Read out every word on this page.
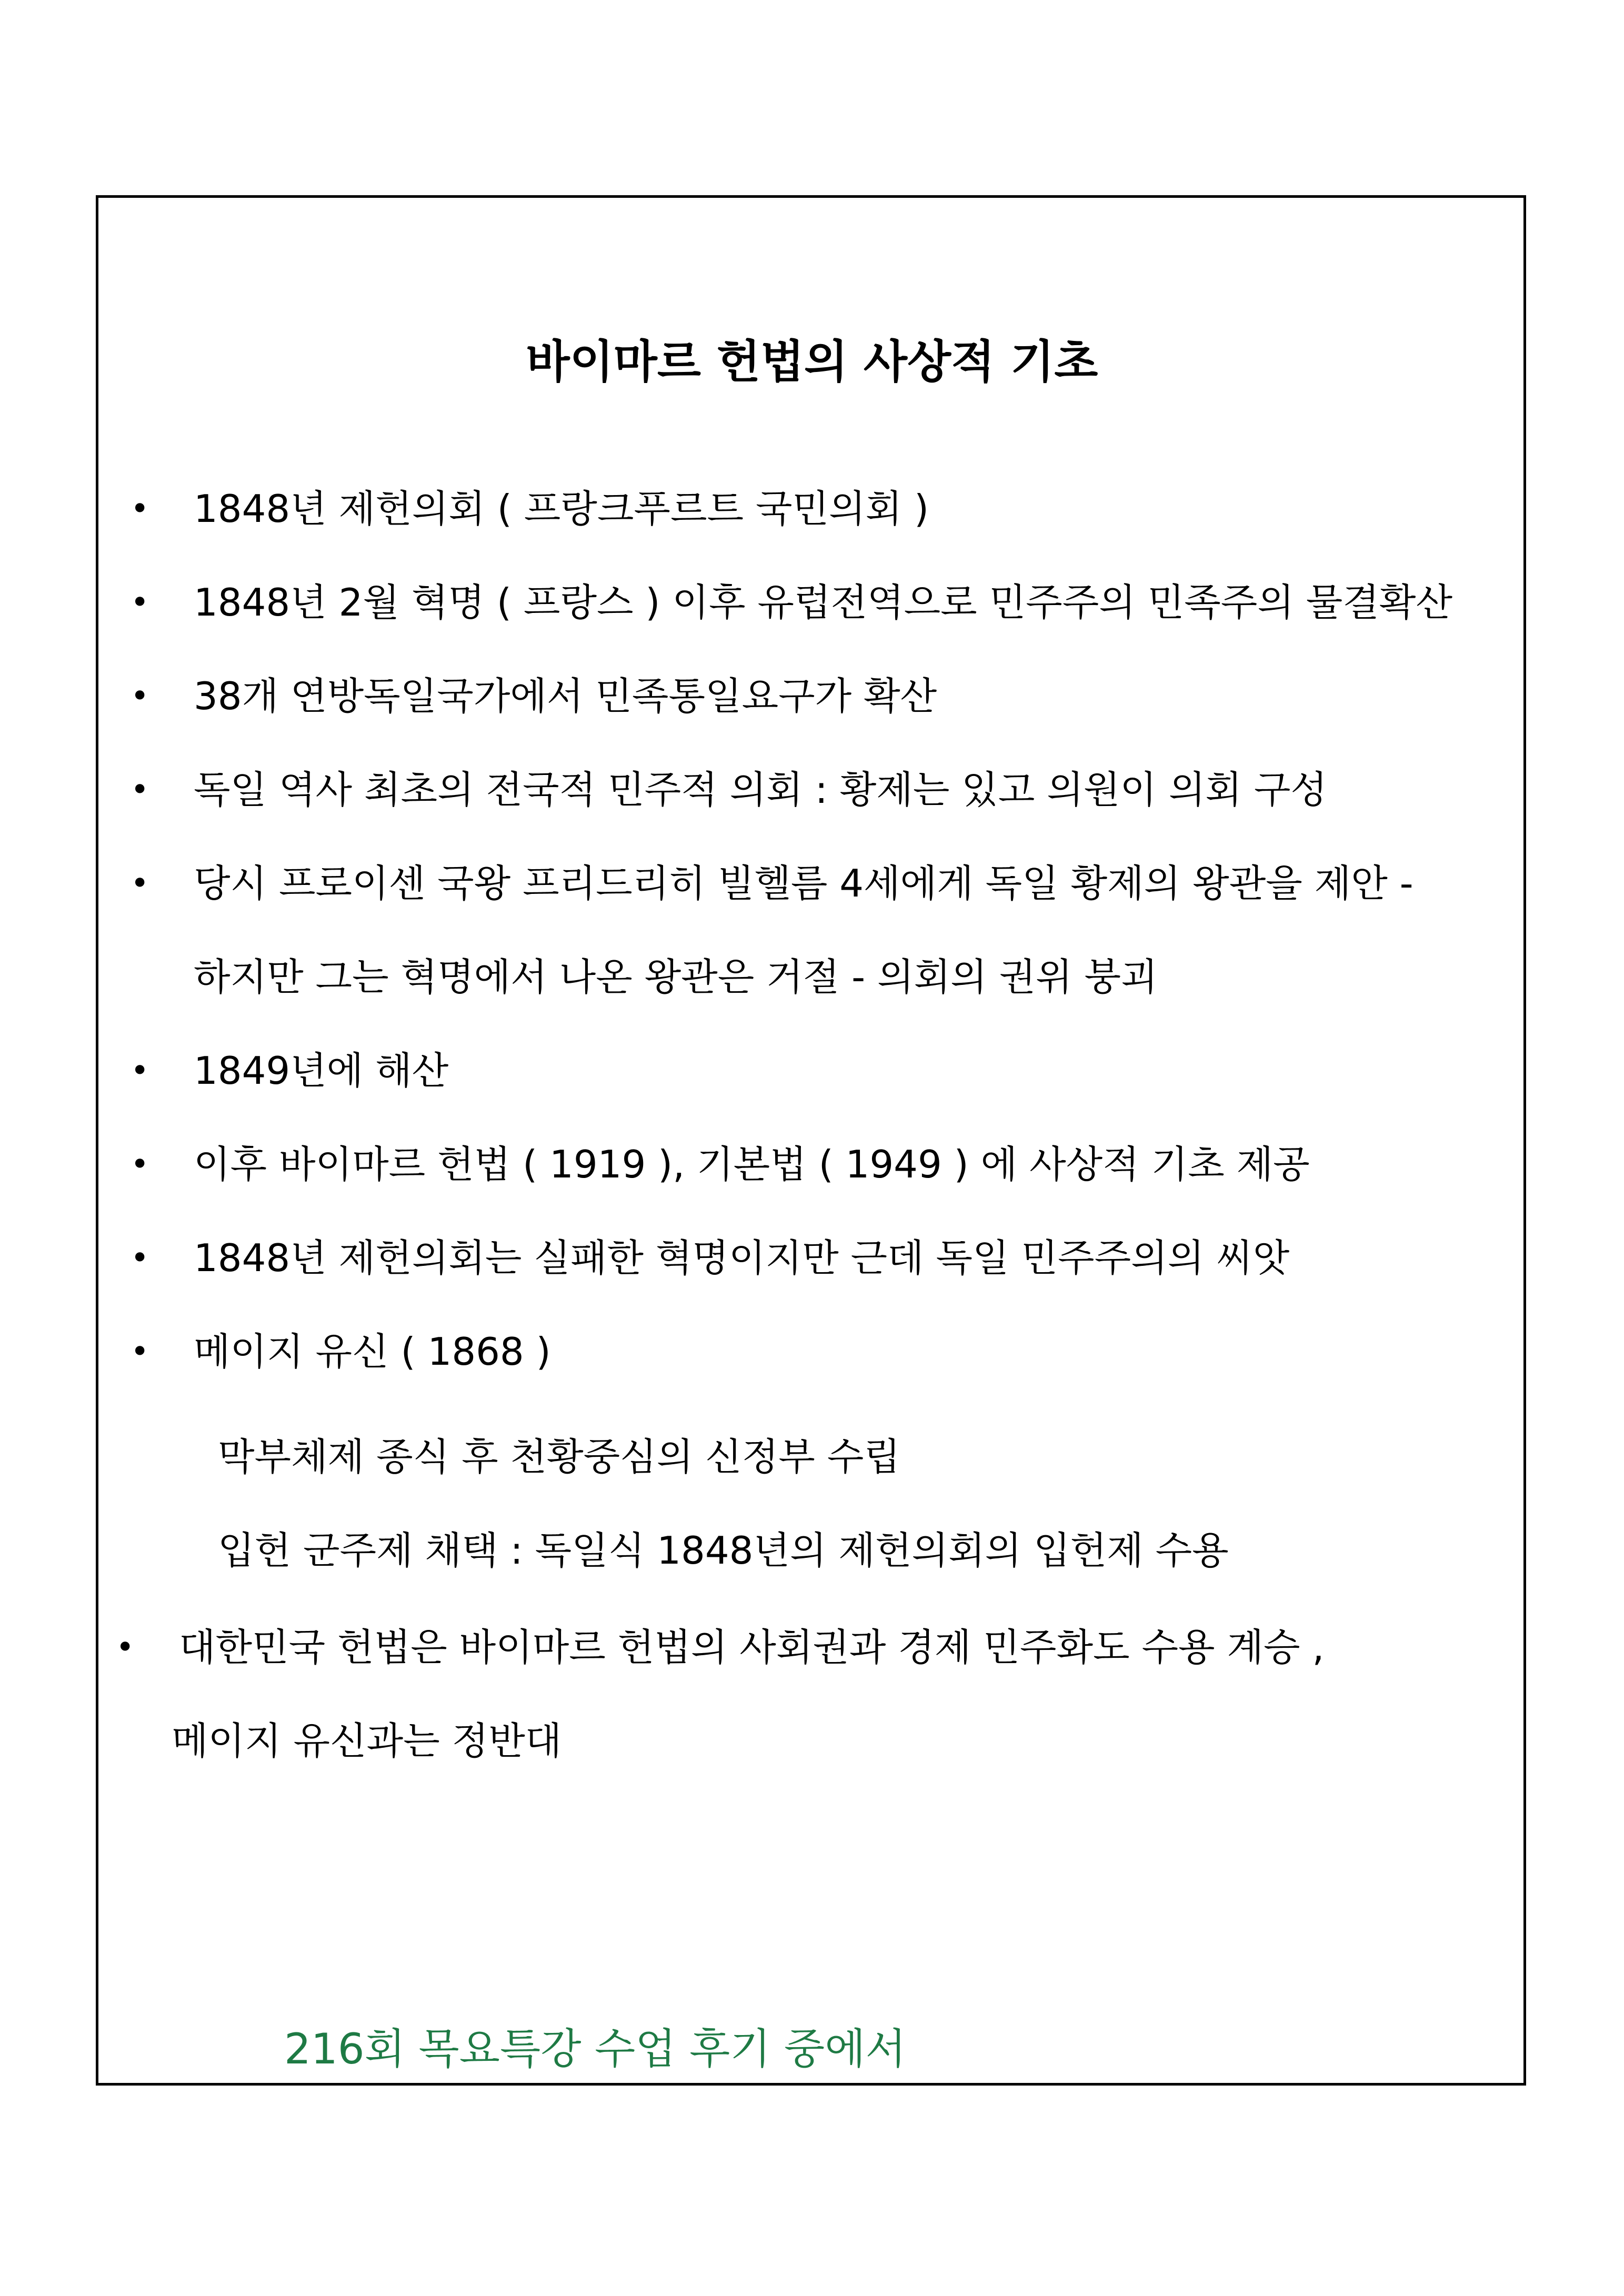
바이마르 헌법의 사상적 기초
• 1848년 제헌의회 ( 프랑크푸르트 국민의회 )
• 1848년 2월 혁명 ( 프랑스 ) 이후 유럽전역으로 민주주의 민족주의 물결확산
• 38개 연방독일국가에서 민족통일요구가 확산
• 독일 역사 최초의 전국적 민주적 의회 : 황제는 있고 의원이 의회 구성
• 당시 프로이센 국왕 프리드리히 빌헬름 4세에게 독일 황제의 왕관을 제안 -
하지만 그는 혁명에서 나온 왕관은 거절 - 의회의 권위 붕괴
• 1849년에 해산
• 이후 바이마르 헌법 ( 1919 ), 기본법 ( 1949 ) 에 사상적 기초 제공
• 1848년 제헌의회는 실패한 혁명이지만 근데 독일 민주주의의 씨앗
• 메이지 유신 ( 1868 )
막부체제 종식 후 천황중심의 신정부 수립
입헌 군주제 채택 : 독일식 1848년의 제헌의회의 입헌제 수용
• 대한민국 헌법은 바이마르 헌법의 사회권과 경제 민주화도 수용 계승 ,
메이지 유신과는 정반대
216회 목요특강 수업 후기 중에서
